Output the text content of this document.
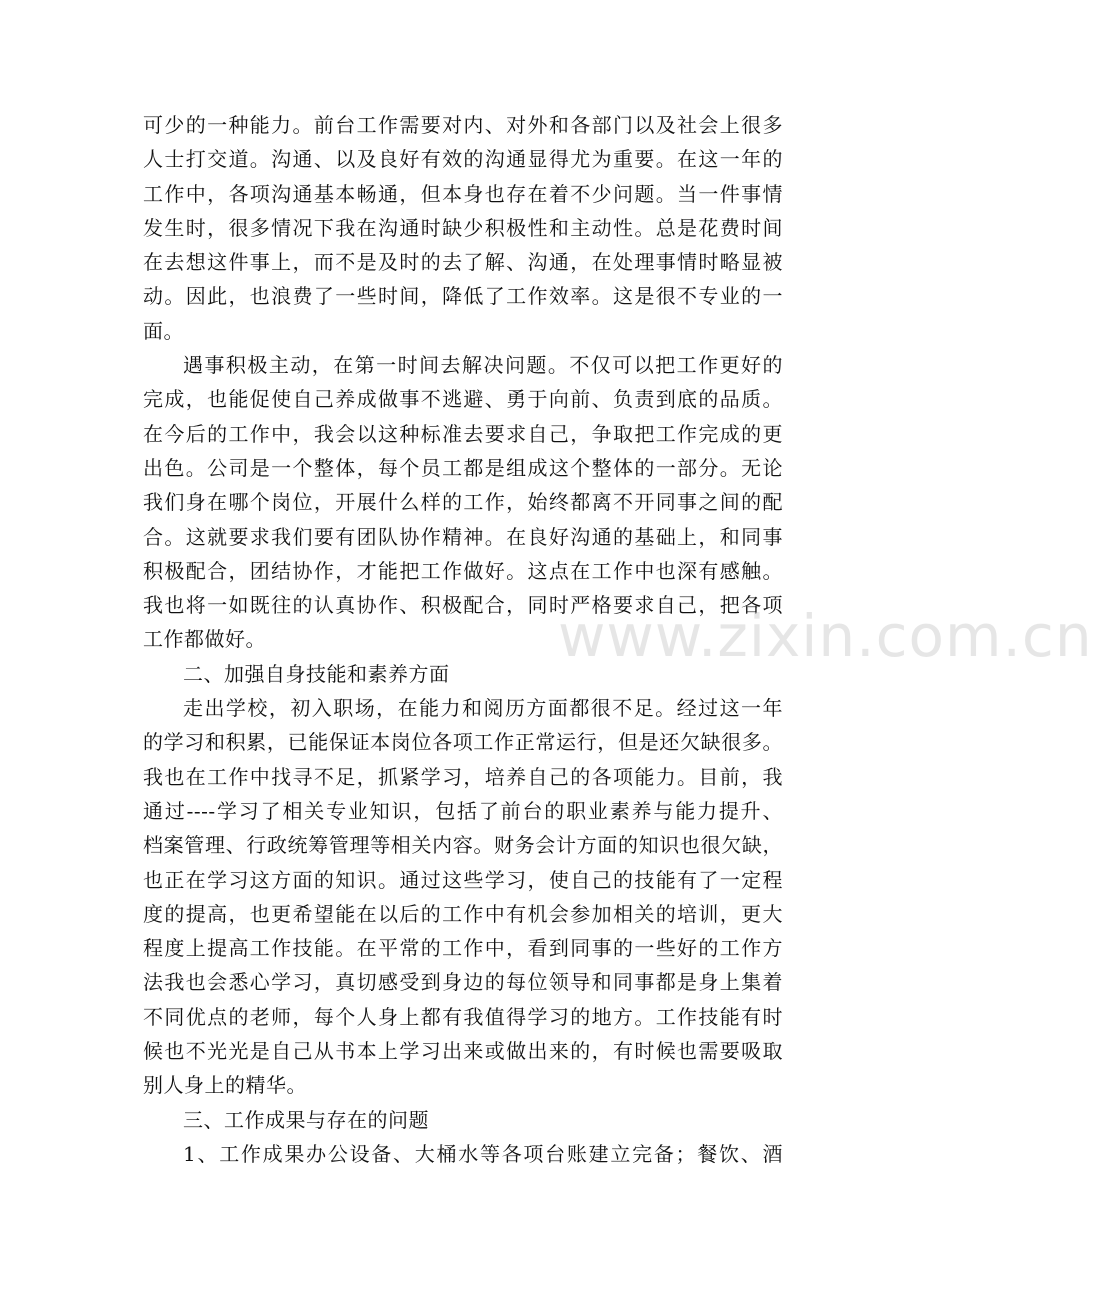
可少的一种能力。前台工作需要对内、对外和各部门以及社会上很多
人士打交道。沟通、以及良好有效的沟通显得尤为重要。在这一年的
工作中，各项沟通基本畅通，但本身也存在着不少问题。当一件事情
发生时，很多情况下我在沟通时缺少积极性和主动性。总是花费时间
在去想这件事上，而不是及时的去了解、沟通，在处理事情时略显被
动。因此，也浪费了一些时间，降低了工作效率。这是很不专业的一
面。
遇事积极主动，在第一时间去解决问题。不仅可以把工作更好的
完成，也能促使自己养成做事不逃避、勇于向前、负责到底的品质。
在今后的工作中，我会以这种标准去要求自己，争取把工作完成的更
出色。公司是一个整体，每个员工都是组成这个整体的一部分。无论
我们身在哪个岗位，开展什么样的工作，始终都离不开同事之间的配
合。这就要求我们要有团队协作精神。在良好沟通的基础上，和同事
积极配合，团结协作，才能把工作做好。这点在工作中也深有感触。
我也将一如既往的认真协作、积极配合，同时严格要求自己，把各项
工作都做好。
二、加强自身技能和素养方面
走出学校，初入职场，在能力和阅历方面都很不足。经过这一年
的学习和积累，已能保证本岗位各项工作正常运行，但是还欠缺很多。
我也在工作中找寻不足，抓紧学习，培养自己的各项能力。目前，我
通过----学习了相关专业知识，包括了前台的职业素养与能力提升、
档案管理、行政统筹管理等相关内容。财务会计方面的知识也很欠缺，
也正在学习这方面的知识。通过这些学习，使自己的技能有了一定程
度的提高，也更希望能在以后的工作中有机会参加相关的培训，更大
程度上提高工作技能。在平常的工作中，看到同事的一些好的工作方
法我也会悉心学习，真切感受到身边的每位领导和同事都是身上集着
不同优点的老师，每个人身上都有我值得学习的地方。工作技能有时
候也不光光是自己从书本上学习出来或做出来的，有时候也需要吸取
别人身上的精华。
三、工作成果与存在的问题
1、工作成果办公设备、大桶水等各项台账建立完备；餐饮、酒
www.zixin.com.cn
